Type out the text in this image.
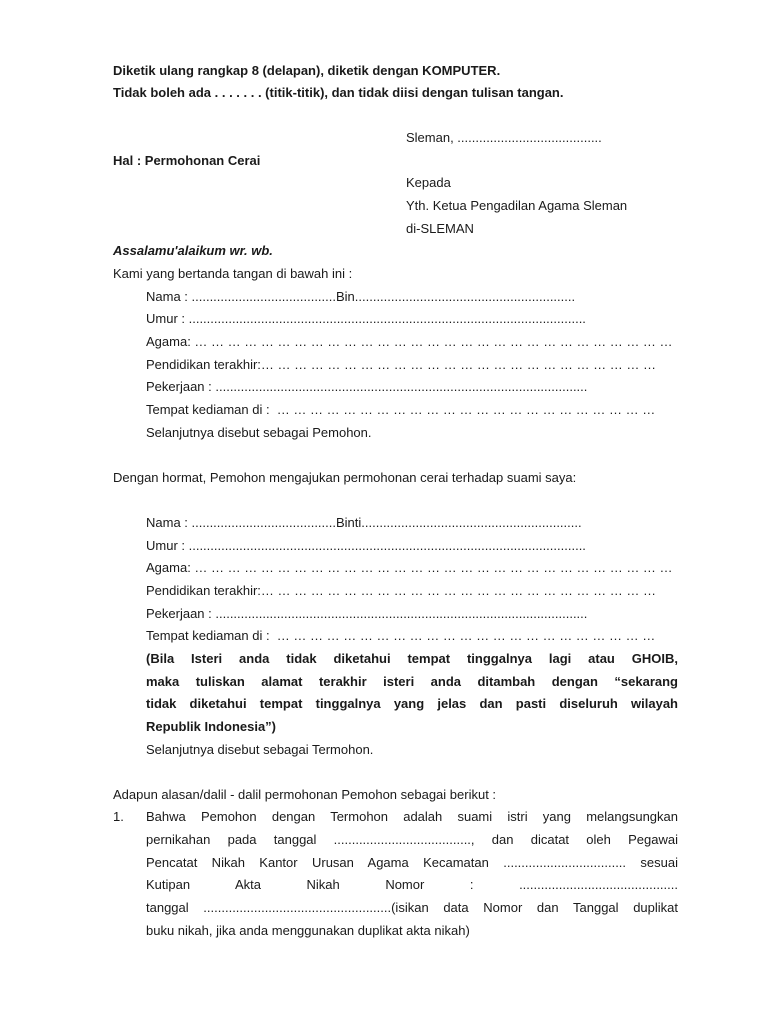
Diketik ulang rangkap 8 (delapan), diketik dengan KOMPUTER.
Tidak boleh ada . . . . . . . (titik-titik), dan tidak diisi dengan tulisan tangan.
Sleman, ........................................
Hal : Permohonan Cerai
Kepada
Yth. Ketua Pengadilan Agama Sleman
di-SLEMAN
Assalamu'alaikum wr. wb.
Kami yang bertanda tangan di bawah ini :
Nama : ........................................Bin.............................................................
Umur : ..............................................................................................................
Agama: … … … … … … … … … … … … … … … … … … … … … … … … … … … … …
Pendidikan terakhir:… … … … … … … … … … … … … … … … … … … … … … … …
Pekerjaan : .......................................................................................................
Tempat kediaman di :  … … … … … … … … … … … … … … … … … … … … … … …
Selanjutnya disebut sebagai Pemohon.
Dengan hormat, Pemohon mengajukan permohonan cerai terhadap suami saya:
Nama : ........................................Binti.............................................................
Umur : ..............................................................................................................
Agama: … … … … … … … … … … … … … … … … … … … … … … … … … … … … …
Pendidikan terakhir:… … … … … … … … … … … … … … … … … … … … … … … …
Pekerjaan : .......................................................................................................
Tempat kediaman di :  … … … … … … … … … … … … … … … … … … … … … … …
(Bila Isteri anda tidak diketahui tempat tinggalnya lagi atau GHOIB,
maka tuliskan alamat terakhir isteri anda ditambah dengan “sekarang
tidak diketahui tempat tinggalnya yang jelas dan pasti diseluruh wilayah
Republik Indonesia”)
Selanjutnya disebut sebagai Termohon.
Adapun alasan/dalil - dalil permohonan Pemohon sebagai berikut :
1. Bahwa Pemohon dengan Termohon adalah suami istri yang melangsungkan
pernikahan pada tanggal ......................................, dan dicatat oleh Pegawai
Pencatat Nikah Kantor Urusan Agama Kecamatan .................................. sesuai
Kutipan Akta Nikah Nomor : ............................................
tanggal ....................................................(isikan data Nomor dan Tanggal duplikat
buku nikah, jika anda menggunakan duplikat akta nikah)
